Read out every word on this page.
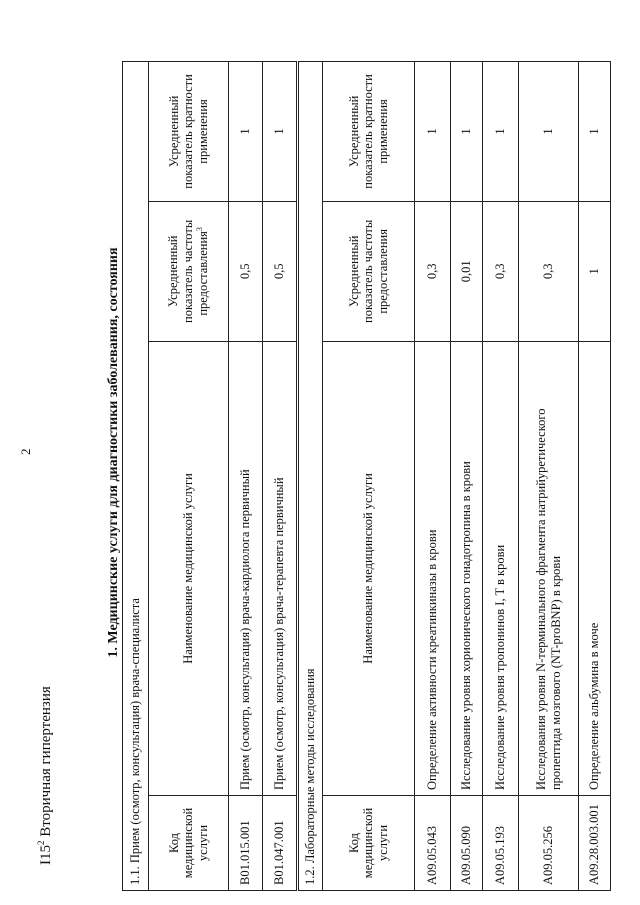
2
$I15^2$ Вторичная гипертензия
1. Медицинские услуги для диагностики заболевания, состояния
1.1. Прием (осмотр, консультация) врача-специалиста			
Код медицинской услуги	Наименование медицинской услуги	Усредненный показатель частоты предоставления$^3$	Усредненный показатель кратности применения
B01.015.001	Прием (осмотр, консультация) врача-кардиолога первичный	0,5	1
B01.047.001	Прием (осмотр, консультация) врача-терапевта первичный	0,5	1
1.2. Лабораторные методы исследования			
Код медицинской услуги	Наименование медицинской услуги	Усредненный показатель частоты предоставления	Усредненный показатель кратности применения
A09.05.043	Определение активности креатинкиназы в крови	0,3	1
A09.05.090	Исследование уровня хорионического гонадотропина в крови	0,01	1
A09.05.193	Исследование уровня тропонинов I, T в крови	0,3	1
A09.05.256	Исследования уровня N-терминального фрагмента натрийуретического пропептида мозгового (NT-proBNP) в крови	0,3	1
A09.28.003.001	Определение альбумина в моче	1	1
